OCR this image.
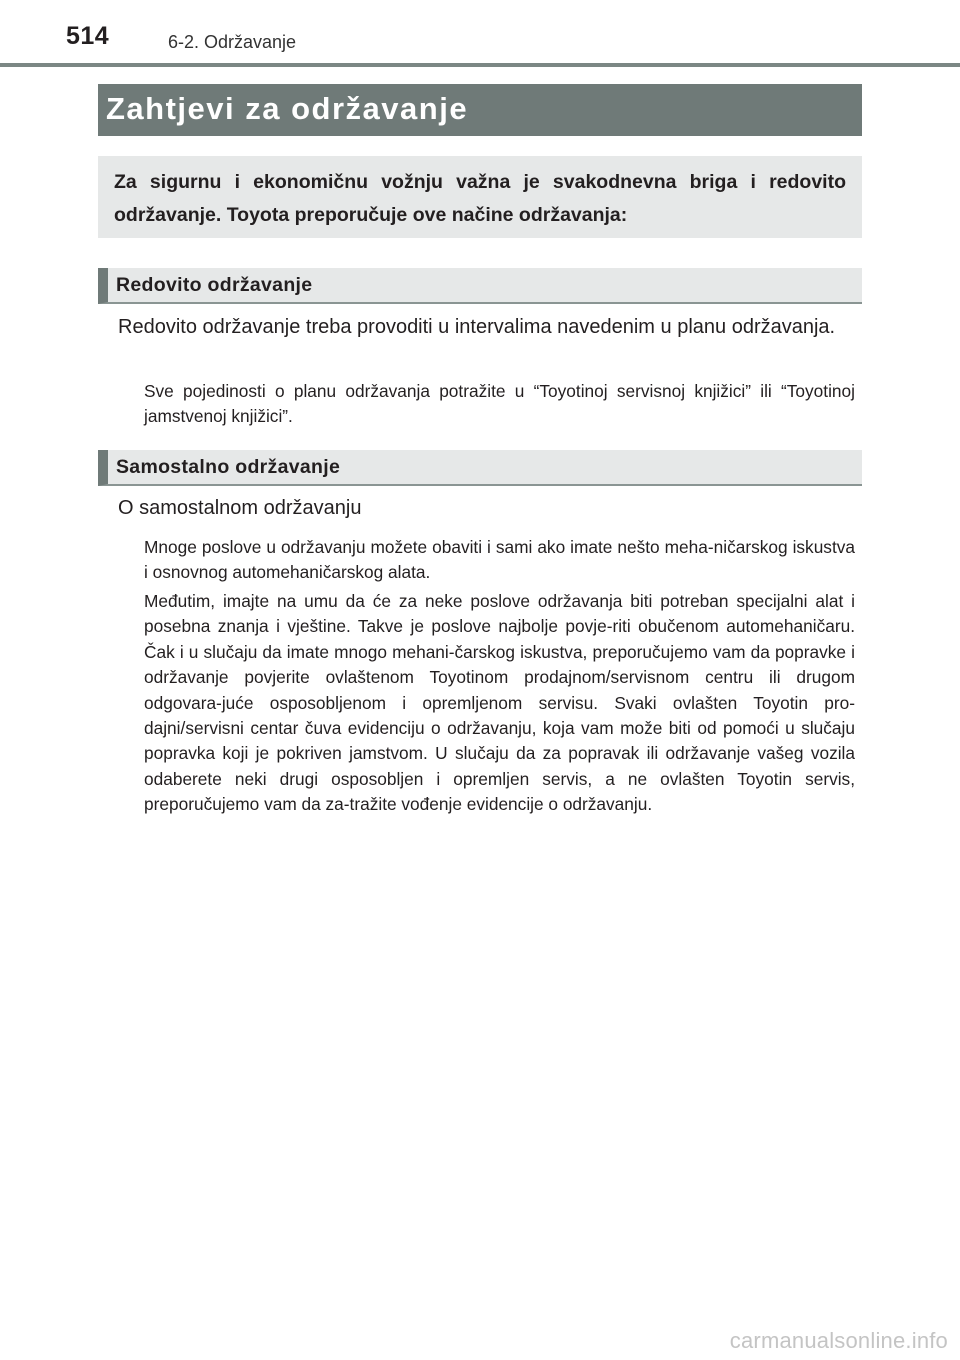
514	6-2. Održavanje
Zahtjevi za održavanje
Za sigurnu i ekonomičnu vožnju važna je svakodnevna briga i redovito održavanje. Toyota preporučuje ove načine održavanja:
Redovito održavanje
Redovito održavanje treba provoditi u intervalima navedenim u planu održavanja.
Sve pojedinosti o planu održavanja potražite u “Toyotinoj servisnoj knjižici” ili “Toyotinoj jamstvenoj knjižici”.
Samostalno održavanje
O samostalnom održavanju
Mnoge poslove u održavanju možete obaviti i sami ako imate nešto meha-ničarskog iskustva i osnovnog automehaničarskog alata.
Međutim, imajte na umu da će za neke poslove održavanja biti potreban specijalni alat i posebna znanja i vještine. Takve je poslove najbolje povje-riti obučenom automehaničaru. Čak i u slučaju da imate mnogo mehani-čarskog iskustva, preporučujemo vam da popravke i održavanje povjerite ovlaštenom Toyotinom prodajnom/servisnom centru ili drugom odgovara-juće osposobljenom i opremljenom servisu. Svaki ovlašten Toyotin pro-dajni/servisni centar čuva evidenciju o održavanju, koja vam može biti od pomoći u slučaju popravka koji je pokriven jamstvom. U slučaju da za popravak ili održavanje vašeg vozila odaberete neki drugi osposobljen i opremljen servis, a ne ovlašten Toyotin servis, preporučujemo vam da za-tražite vođenje evidencije o održavanju.
carmanualsonline.info
